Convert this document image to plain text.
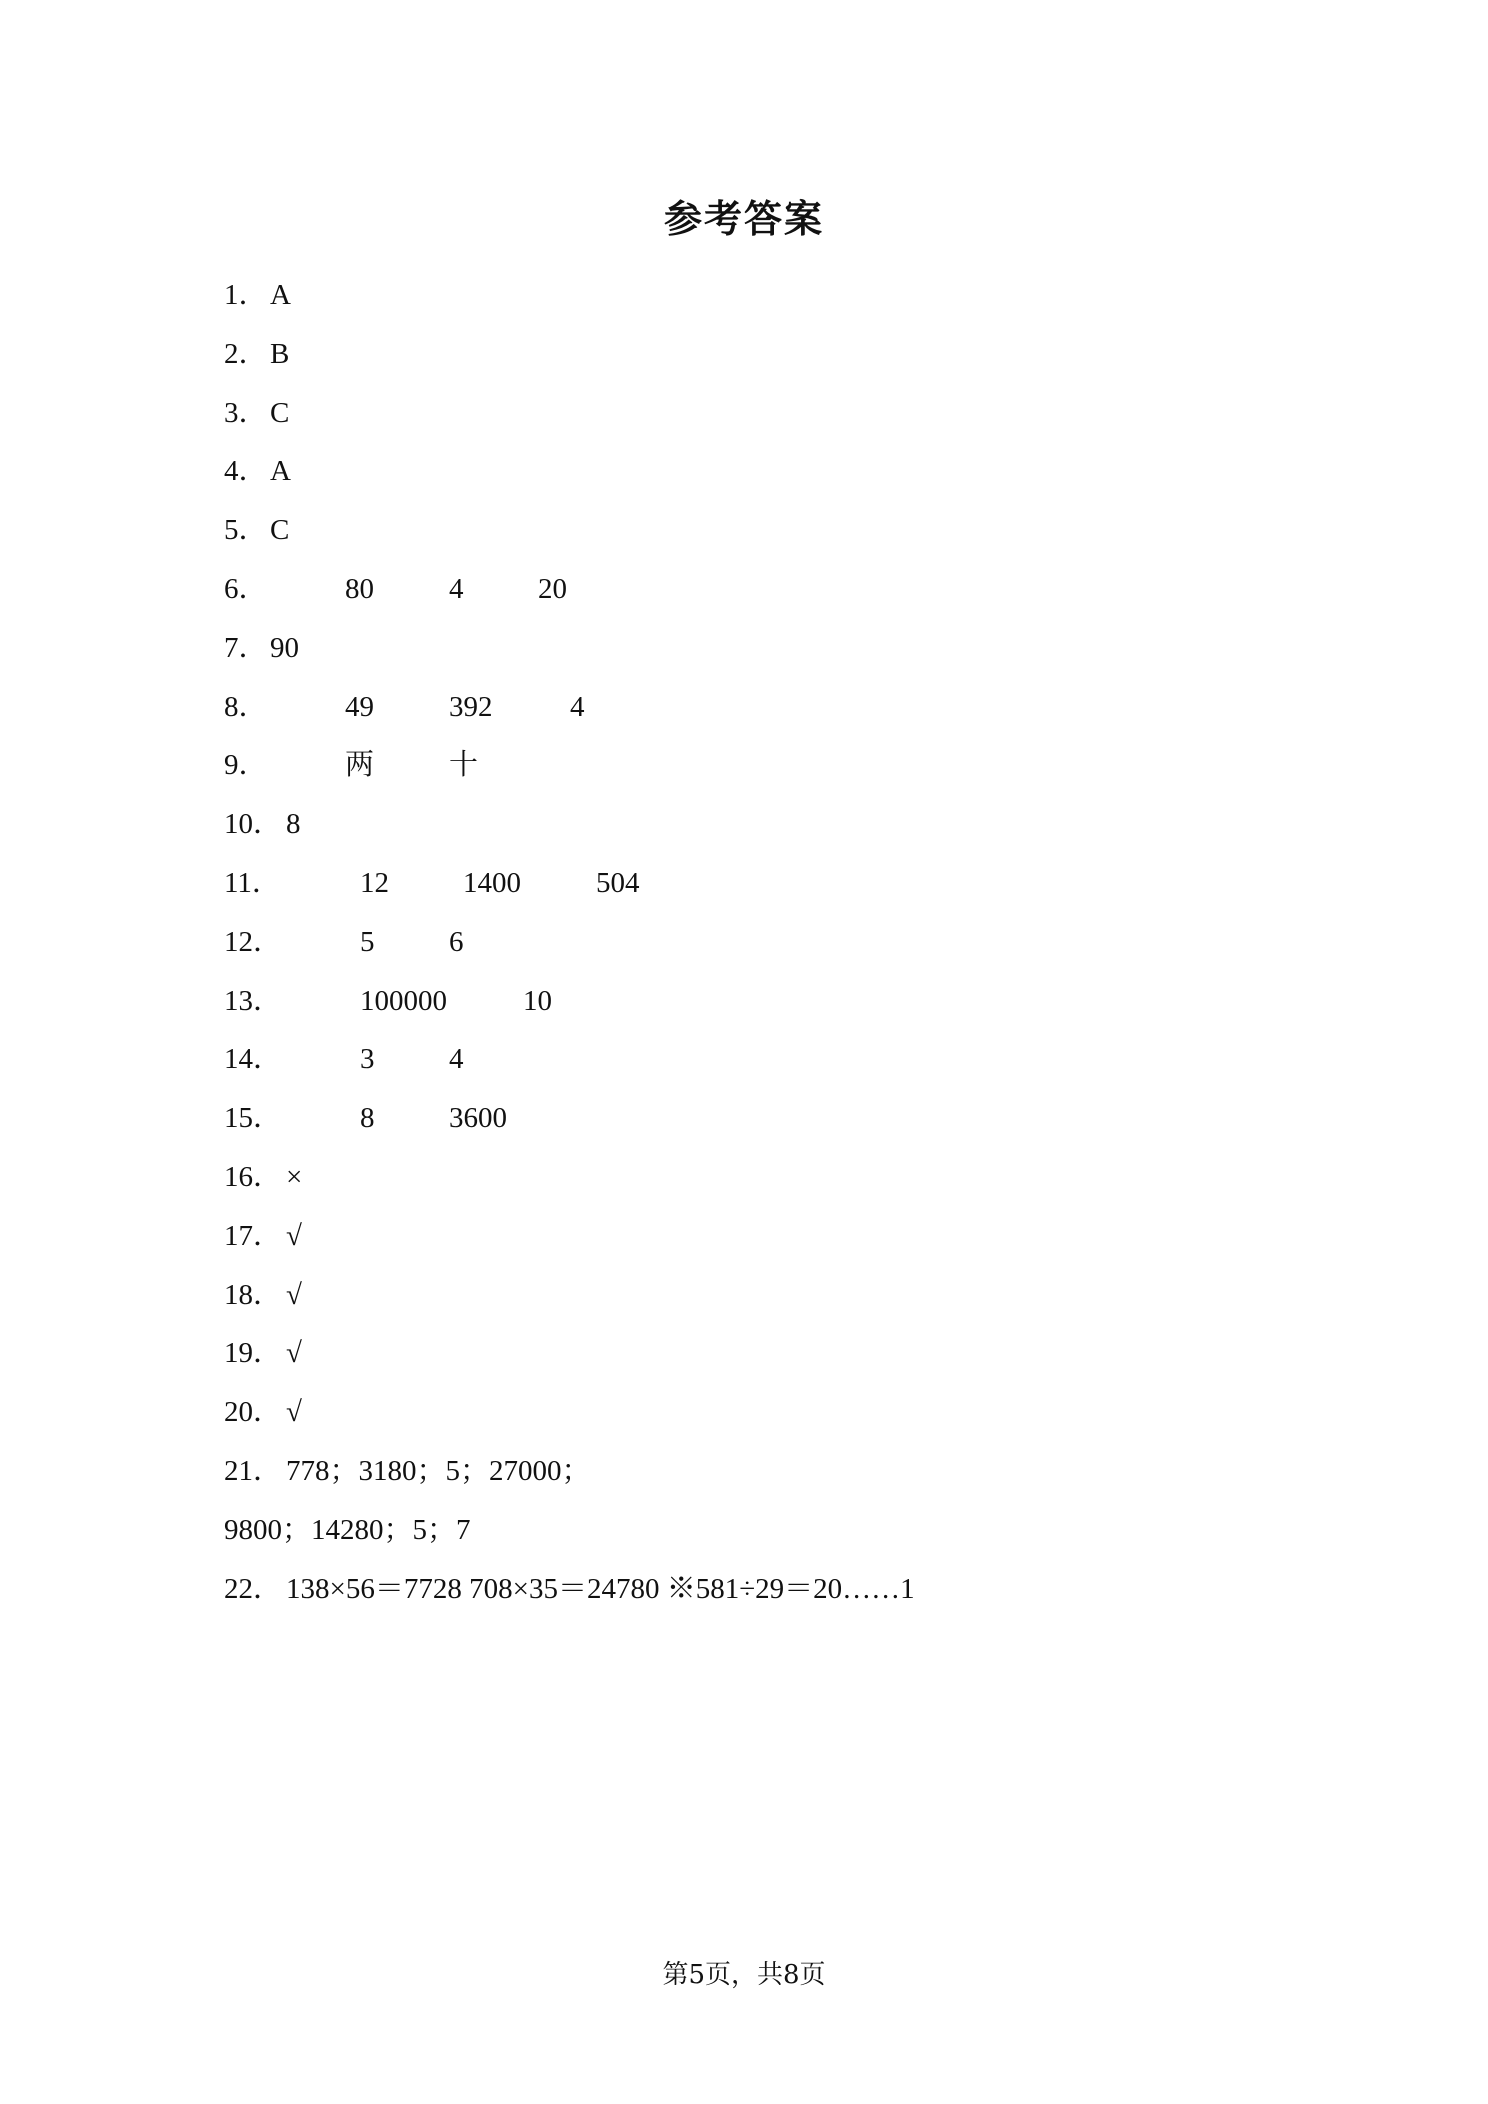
参考答案
1． A
2． B
3． C
4． A
5． C
6．	80	4	20
7． 90
8．	49	392	4
9．	两	十
10． 8
11．	12	1400	504
12．	5	6
13．	100000	10
14．	3	4
15．	8	3600
16． ×
17． √
18． √
19． √
20． √
21． 778；3180；5；27000；
9800；14280；5；7
22． 138×56＝7728 708×35＝24780 ※581÷29＝20……1
第5页，共8页
